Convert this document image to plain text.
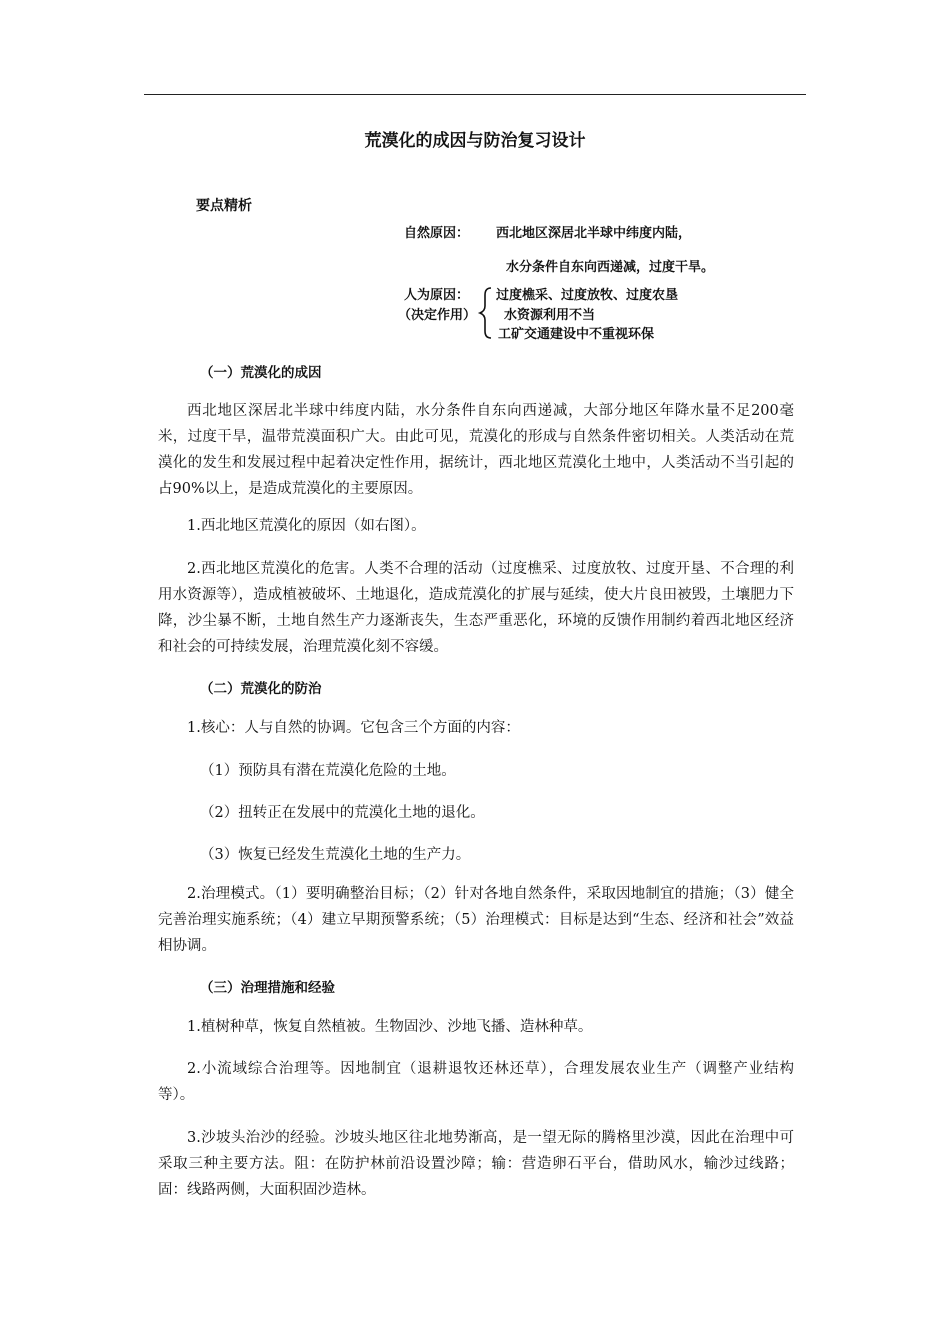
荒漠化的成因与防治复习设计
要点精析
自然原因： 西北地区深居北半球中纬度内陆，
水分条件自东向西递减，过度干旱。
人为原因：
（决定作用）
过度樵采、过度放牧、过度农垦
水资源利用不当
工矿交通建设中不重视环保
（一）荒漠化的成因
西北地区深居北半球中纬度内陆，水分条件自东向西递减，大部分地区年降水量不足200毫米，过度干旱，温带荒漠面积广大。由此可见，荒漠化的形成与自然条件密切相关。人类活动在荒漠化的发生和发展过程中起着决定性作用，据统计，西北地区荒漠化土地中，人类活动不当引起的占90%以上，是造成荒漠化的主要原因。
1.西北地区荒漠化的原因（如右图）。
2.西北地区荒漠化的危害。人类不合理的活动（过度樵采、过度放牧、过度开垦、不合理的利用水资源等），造成植被破坏、土地退化，造成荒漠化的扩展与延续，使大片良田被毁，土壤肥力下降，沙尘暴不断，土地自然生产力逐渐丧失，生态严重恶化，环境的反馈作用制约着西北地区经济和社会的可持续发展，治理荒漠化刻不容缓。
（二）荒漠化的防治
1.核心：人与自然的协调。它包含三个方面的内容：
（1）预防具有潜在荒漠化危险的土地。
（2）扭转正在发展中的荒漠化土地的退化。
（3）恢复已经发生荒漠化土地的生产力。
2.治理模式。（1）要明确整治目标；（2）针对各地自然条件，采取因地制宜的措施；（3）健全完善治理实施系统；（4）建立早期预警系统；（5）治理模式：目标是达到“生态、经济和社会”效益相协调。
（三）治理措施和经验
1.植树种草，恢复自然植被。生物固沙、沙地飞播、造林种草。
2.小流域综合治理等。因地制宜（退耕退牧还林还草），合理发展农业生产（调整产业结构等）。
3.沙坡头治沙的经验。沙坡头地区往北地势渐高，是一望无际的腾格里沙漠，因此在治理中可采取三种主要方法。阻：在防护林前沿设置沙障；输：营造卵石平台，借助风水，输沙过线路；固：线路两侧，大面积固沙造林。
